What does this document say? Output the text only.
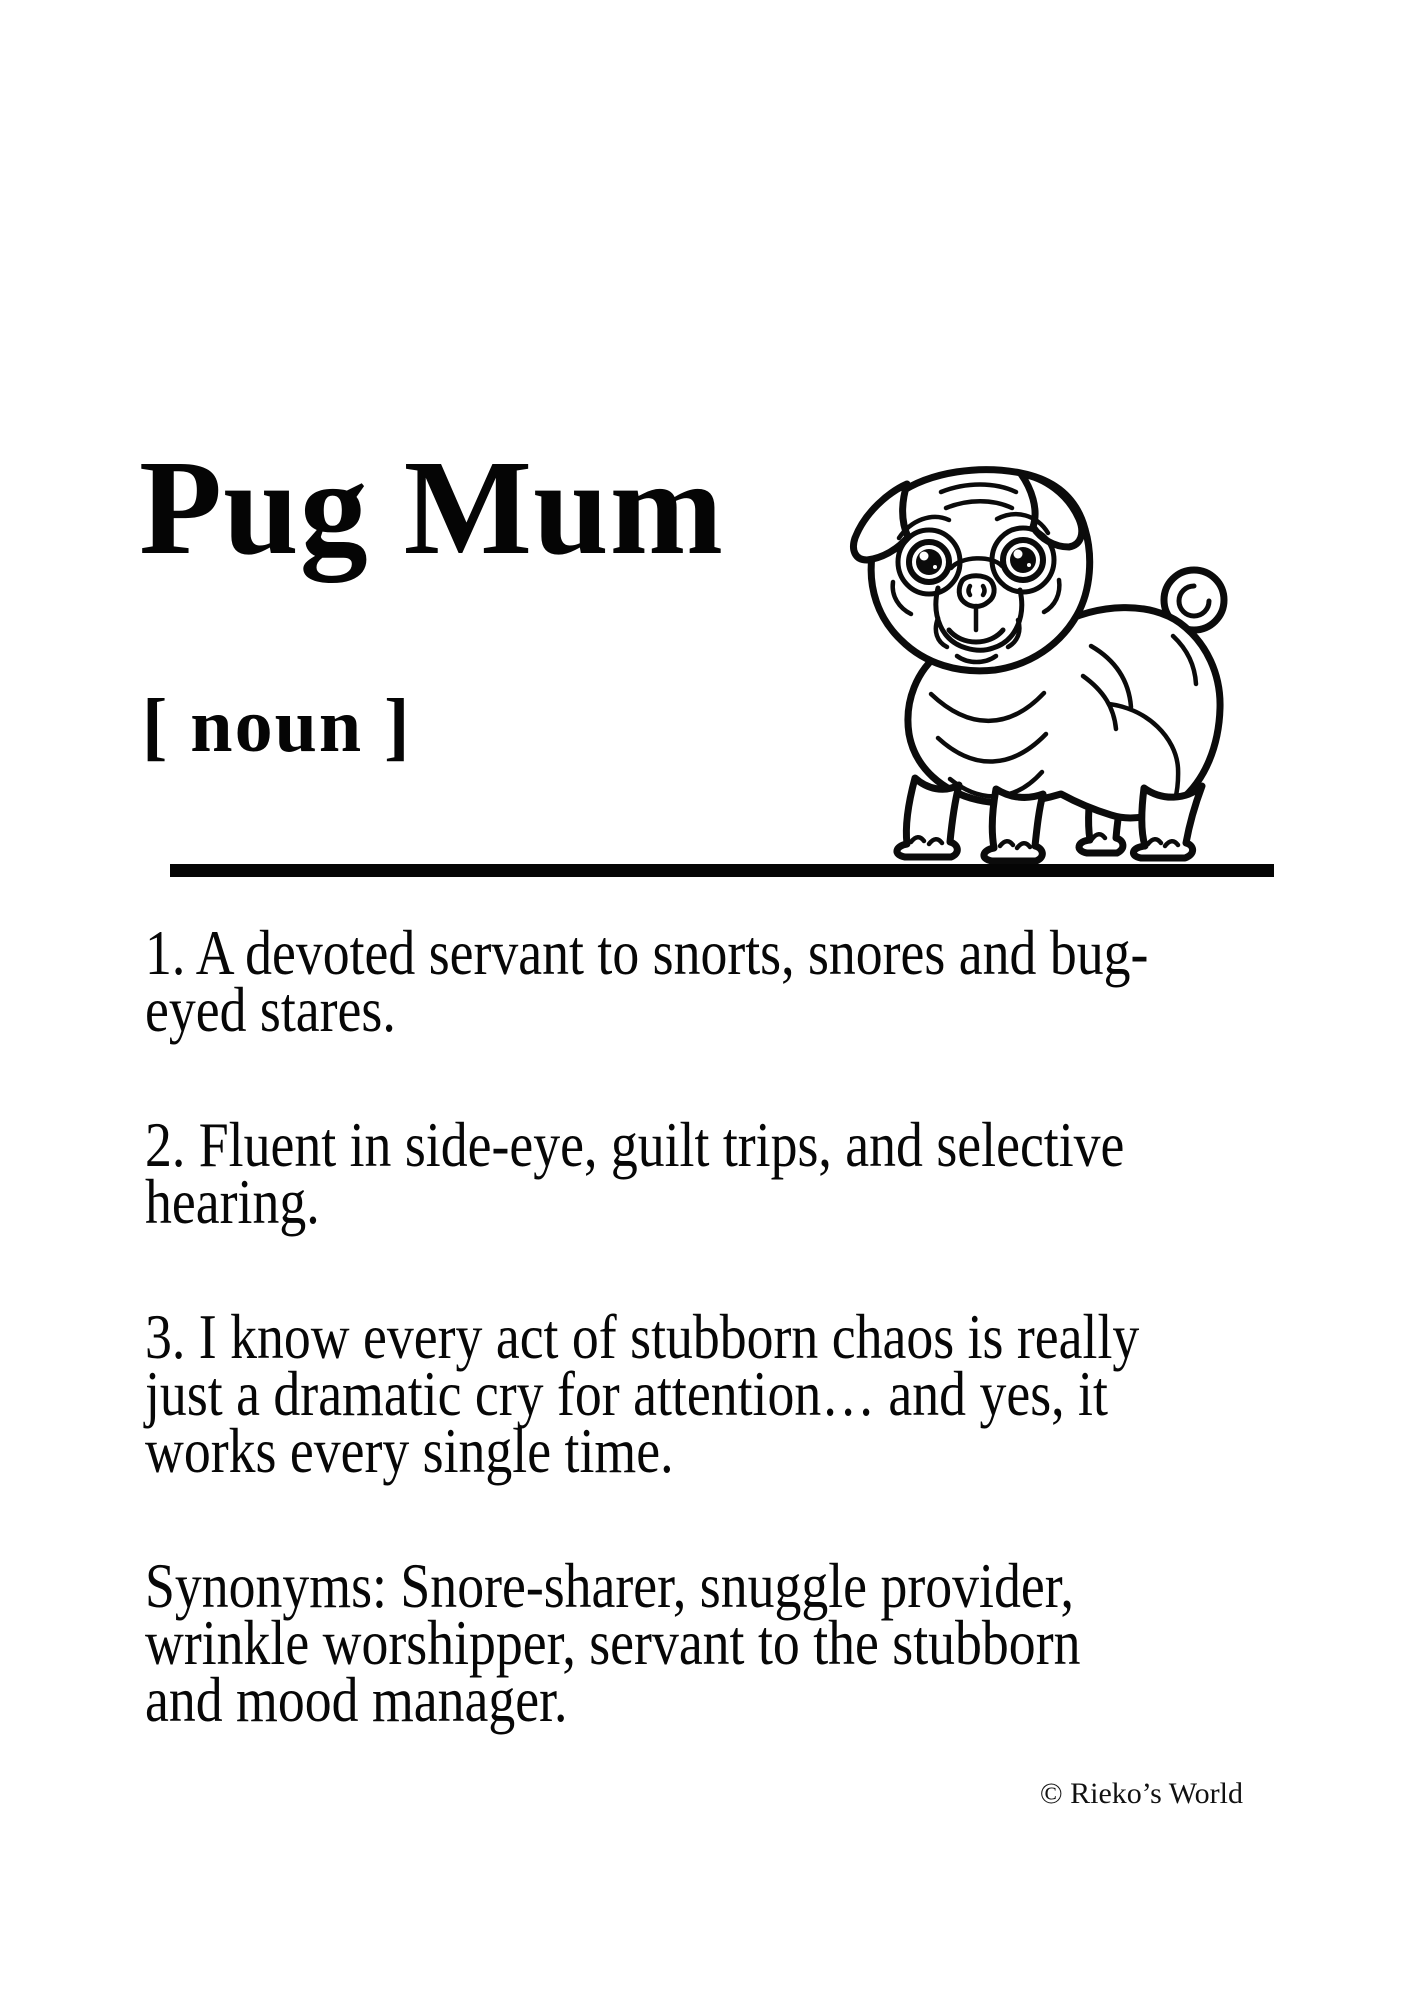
Pug Mum
[ noun ]
1. A devoted servant to snorts, snores and bug-
eyed stares.
2. Fluent in side-eye, guilt trips, and selective
hearing.
3. I know every act of stubborn chaos is really
just a dramatic cry for attention… and yes, it
works every single time.
Synonyms: Snore-sharer, snuggle provider,
wrinkle worshipper, servant to the stubborn
and mood manager.
© Rieko’s World
